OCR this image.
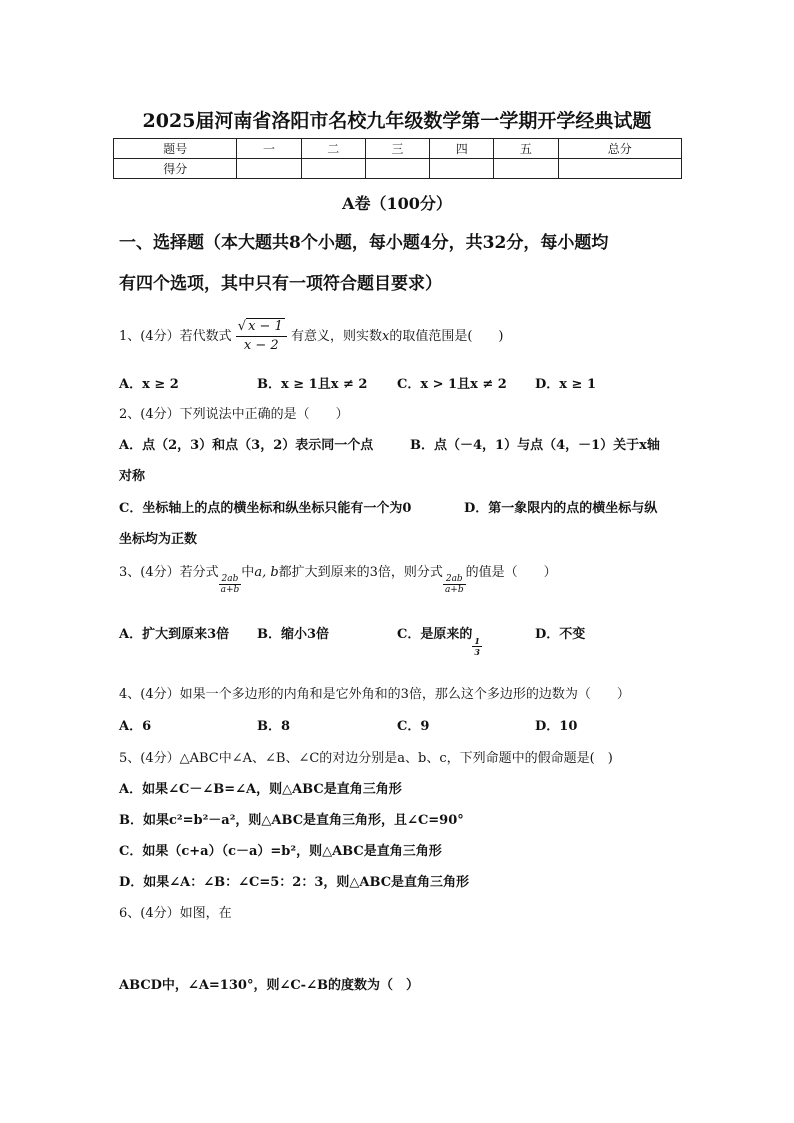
2025届河南省洛阳市名校九年级数学第一学期开学经典试题
题号	一	二	三	四	五	总分
得分						
A卷（100分）
一、选择题（本大题共8个小题，每小题4分，共32分，每小题均
有四个选项，其中只有一项符合题目要求）
1、(4分）若代数式 $\frac{√ x - 1}{x - 2}$ 有意义，则实数x的取值范围是(　　)
A．x ≥ 2	B．x ≥ 1且x ≠ 2 C．x > 1且x ≠ 2 D．x ≥ 1
2、(4分）下列说法中正确的是（　　）
A．点（2，3）和点（3，2）表示同一个点	B．点（－4，1）与点（4，－1）关于x轴
对称
C．坐标轴上的点的横坐标和纵坐标只能有一个为0	D．第一象限内的点的横坐标与纵
坐标均为正数
3、(4分）若分式
$\frac{2ab}{a+b}$
中a, b都扩大到原来的3倍，则分式
$\frac{2ab}{a+b}$
的值是（　　）
A．扩大到原来3倍 B．缩小3倍	C．是原来的
$\frac{1}{3}$
D．不变
4、(4分）如果一个多边形的内角和是它外角和的3倍，那么这个多边形的边数为（　　）
A．6	B．8	C．9	D．10
5、(4分）△ABC中∠A、∠B、∠C的对边分别是a、b、c，下列命题中的假命题是(　)
A．如果∠C－∠B=∠A，则△ABC是直角三角形
B．如果c²=b²－a²，则△ABC是直角三角形，且∠C=90°
C．如果（c+a）（c－a）=b²，则△ABC是直角三角形
D．如果∠A：∠B：∠C=5：2：3，则△ABC是直角三角形
6、(4分）如图，在
ABCD中，∠A=130°，则∠C-∠B的度数为（　）
